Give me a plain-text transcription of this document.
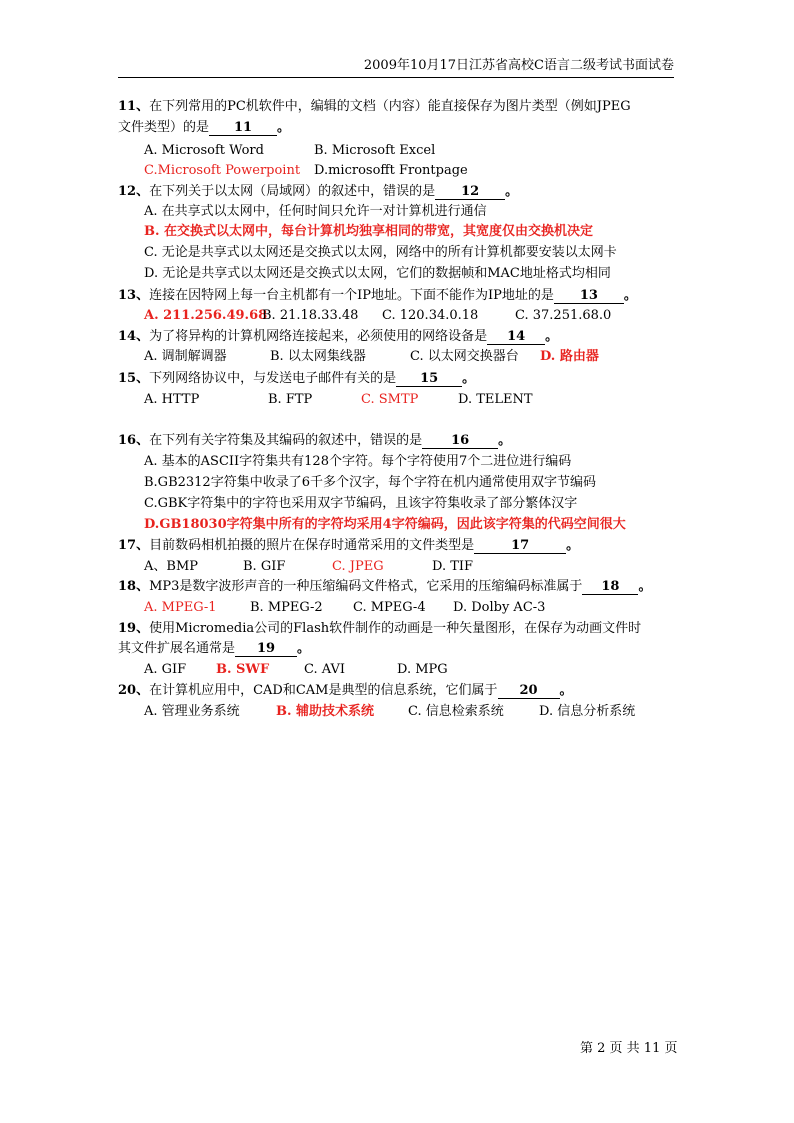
2009年10月17日江苏省高校C语言二级考试书面试卷
11、在下列常用的PC机软件中，编辑的文档（内容）能直接保存为图片类型（例如JPEG
文件类型）的是 11 。
A. Microsoft Word	B. Microsoft Excel
C.Microsoft Powerpoint D.microsofft Frontpage
12、在下列关于以太网（局域网）的叙述中，错误的是 12 。
A. 在共享式以太网中，任何时间只允许一对计算机进行通信
B. 在交换式以太网中，每台计算机均独享相同的带宽，其宽度仅由交换机决定
C. 无论是共享式以太网还是交换式以太网，网络中的所有计算机都要安装以太网卡
D. 无论是共享式以太网还是交换式以太网，它们的数据帧和MAC地址格式均相同
13、连接在因特网上每一台主机都有一个IP地址。下面不能作为IP地址的是 13 。
A. 211.256.49.68B. 21.18.33.48 C. 120.34.0.18	C. 37.251.68.0
14、为了将异构的计算机网络连接起来，必须使用的网络设备是 14 。
A. 调制解调器	B. 以太网集线器	C. 以太网交换器台 D. 路由器
15、下列网络协议中，与发送电子邮件有关的是 15 。
A. HTTP	B. FTP	C. SMTP	D. TELENT
16、在下列有关字符集及其编码的叙述中，错误的是 16 。
A. 基本的ASCII字符集共有128个字符。每个字符使用7个二进位进行编码
B.GB2312字符集中收录了6千多个汉字，每个字符在机内通常使用双字节编码
C.GBK字符集中的字符也采用双字节编码，且该字符集收录了部分繁体汉字
D.GB18030字符集中所有的字符均采用4字符编码，因此该字符集的代码空间很大
17、目前数码相机拍摄的照片在保存时通常采用的文件类型是	17	。
A、BMP	B. GIF	C. JPEG	D. TIF
18、MP3是数字波形声音的一种压缩编码文件格式，它采用的压缩编码标准属于 18 。
A. MPEG-1	B. MPEG-2 C. MPEG-4 D. Dolby AC-3
19、使用Micromedia公司的Flash软件制作的动画是一种矢量图形，在保存为动画文件时
其文件扩展名通常是 19 。
A. GIF B. SWF	C. AVI	D. MPG
20、在计算机应用中，CAD和CAM是典型的信息系统，它们属于 20 。
A. 管理业务系统	B. 辅助技术系统	C. 信息检索系统	D. 信息分析系统
第 2 页 共 11 页
